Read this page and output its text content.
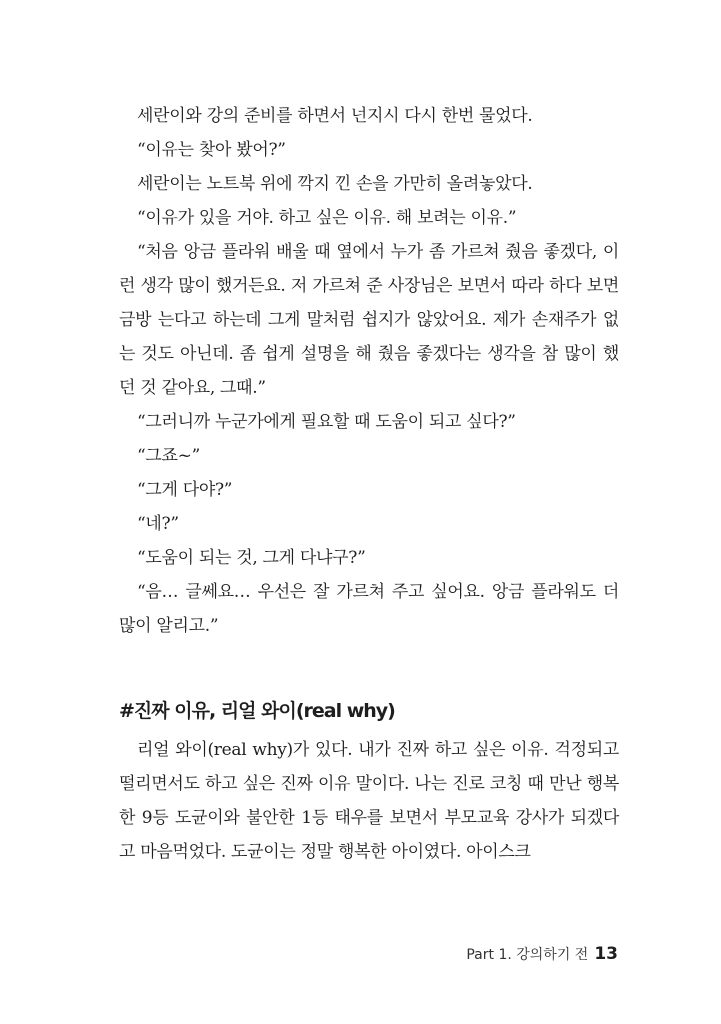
세란이와 강의 준비를 하면서 넌지시 다시 한번 물었다.

“이유는 찾아 봤어?”

세란이는 노트북 위에 깍지 낀 손을 가만히 올려놓았다.

“이유가 있을 거야. 하고 싶은 이유. 해 보려는 이유.”

“처음 앙금 플라워 배울 때 옆에서 누가 좀 가르쳐 줬음 좋겠다, 이런 생각 많이 했거든요. 저 가르쳐 준 사장님은 보면서 따라 하다 보면 금방 는다고 하는데 그게 말처럼 쉽지가 않았어요. 제가 손재주가 없는 것도 아닌데. 좀 쉽게 설명을 해 줬음 좋겠다는 생각을 참 많이 했던 것 같아요, 그때.”

“그러니까 누군가에게 필요할 때 도움이 되고 싶다?”

“그죠~”

“그게 다야?”

“네?”

“도움이 되는 것, 그게 다냐구?”

“음… 글쎄요… 우선은 잘 가르쳐 주고 싶어요. 앙금 플라워도 더 많이 알리고.”

#진짜 이유, 리얼 와이(real why)

리얼 와이(real why)가 있다. 내가 진짜 하고 싶은 이유. 걱정되고 떨리면서도 하고 싶은 진짜 이유 말이다. 나는 진로 코칭 때 만난 행복한 9등 도균이와 불안한 1등 태우를 보면서 부모교육 강사가 되겠다고 마음먹었다. 도균이는 정말 행복한 아이였다. 아이스크

Part 1. 강의하기 전 13
